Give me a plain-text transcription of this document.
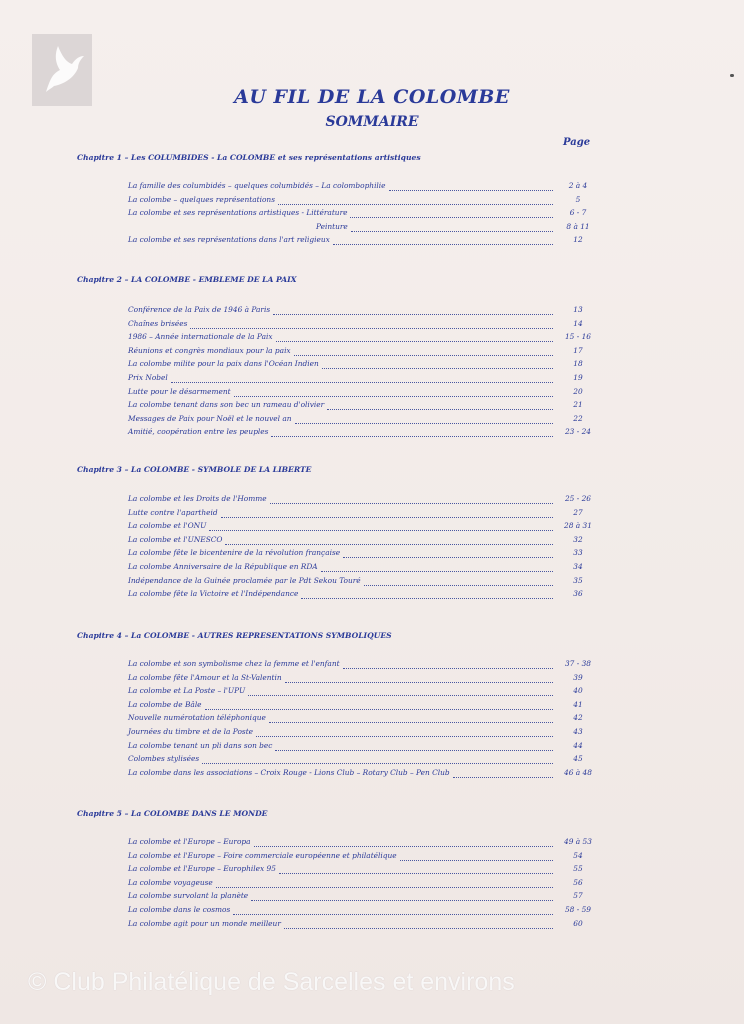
AU FIL DE LA COLOMBE
SOMMAIRE
Page
Chapitre 1 – Les COLUMBIDES - La COLOMBE et ses représentations artistiques
La famille des columbidés – quelques columbidés – La colombophilie	2 à 4
La colombe – quelques représentations	5
La colombe et ses représentations artistiques - Littérature	6 - 7
Peinture	8 à 11
La colombe et ses représentations dans l'art religieux	12
Chapitre 2 – LA COLOMBE - EMBLEME DE LA PAIX
Conférence de la Paix de 1946 à Paris	13
Chaînes brisées	14
1986 – Année internationale de la Paix	15 - 16
Réunions et congrès mondiaux pour la paix	17
La colombe milite pour la paix dans l'Océan Indien	18
Prix Nobel	19
Lutte pour le désarmement	20
La colombe tenant dans son bec un rameau d'olivier	21
Messages de Paix pour Noël et le nouvel an	22
Amitié, coopération entre les peuples	23 - 24
Chapitre 3 – La COLOMBE - SYMBOLE DE LA LIBERTE
La colombe et les Droits de l'Homme	25 - 26
Lutte contre l'apartheid	27
La colombe et l'ONU	28 à 31
La colombe et l'UNESCO	32
La colombe fête le bicentenire de la révolution française	33
La colombe Anniversaire de la République en RDA	34
Indépendance de la Guinée proclamée par le Pdt Sekou Touré	35
La colombe fête la Victoire et l'Indépendance	36
Chapitre 4 – La COLOMBE - AUTRES REPRESENTATIONS SYMBOLIQUES
La colombe et son symbolisme chez la femme et l'enfant	37 - 38
La colombe fête l'Amour et la St-Valentin	39
La colombe et La Poste – l'UPU	40
La colombe de Bâle	41
Nouvelle numérotation téléphonique	42
Journées du timbre et de la Poste	43
La colombe tenant un pli dans son bec	44
Colombes stylisées	45
La colombe dans les associations – Croix Rouge - Lions Club – Rotary Club – Pen Club	46 à 48
Chapitre 5 – La COLOMBE DANS LE MONDE
La colombe et l'Europe – Europa	49 à 53
La colombe et l'Europe – Foire commerciale européenne et philatélique	54
La colombe et l'Europe – Europhilex 95	55
La colombe voyageuse	56
La colombe survolant la planète	57
La colombe dans le cosmos	58 - 59
La colombe agit pour un monde meilleur	60
© Club Philatélique de Sarcelles et environs
